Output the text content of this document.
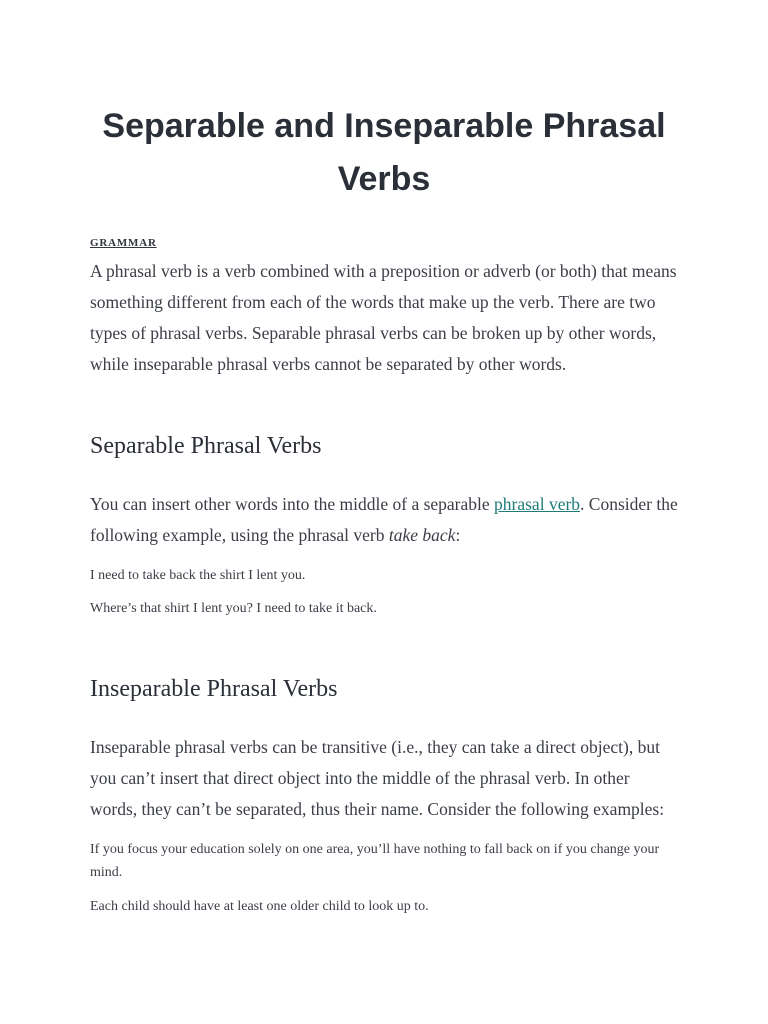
Separable and Inseparable Phrasal Verbs
GRAMMAR

A phrasal verb is a verb combined with a preposition or adverb (or both) that means something different from each of the words that make up the verb. There are two types of phrasal verbs. Separable phrasal verbs can be broken up by other words, while inseparable phrasal verbs cannot be separated by other words.

Separable Phrasal Verbs

You can insert other words into the middle of a separable phrasal verb. Consider the following example, using the phrasal verb take back:

I need to take back the shirt I lent you.

Where’s that shirt I lent you? I need to take it back.

Inseparable Phrasal Verbs

Inseparable phrasal verbs can be transitive (i.e., they can take a direct object), but you can’t insert that direct object into the middle of the phrasal verb. In other words, they can’t be separated, thus their name. Consider the following examples:

If you focus your education solely on one area, you’ll have nothing to fall back on if you change your mind.

Each child should have at least one older child to look up to.
